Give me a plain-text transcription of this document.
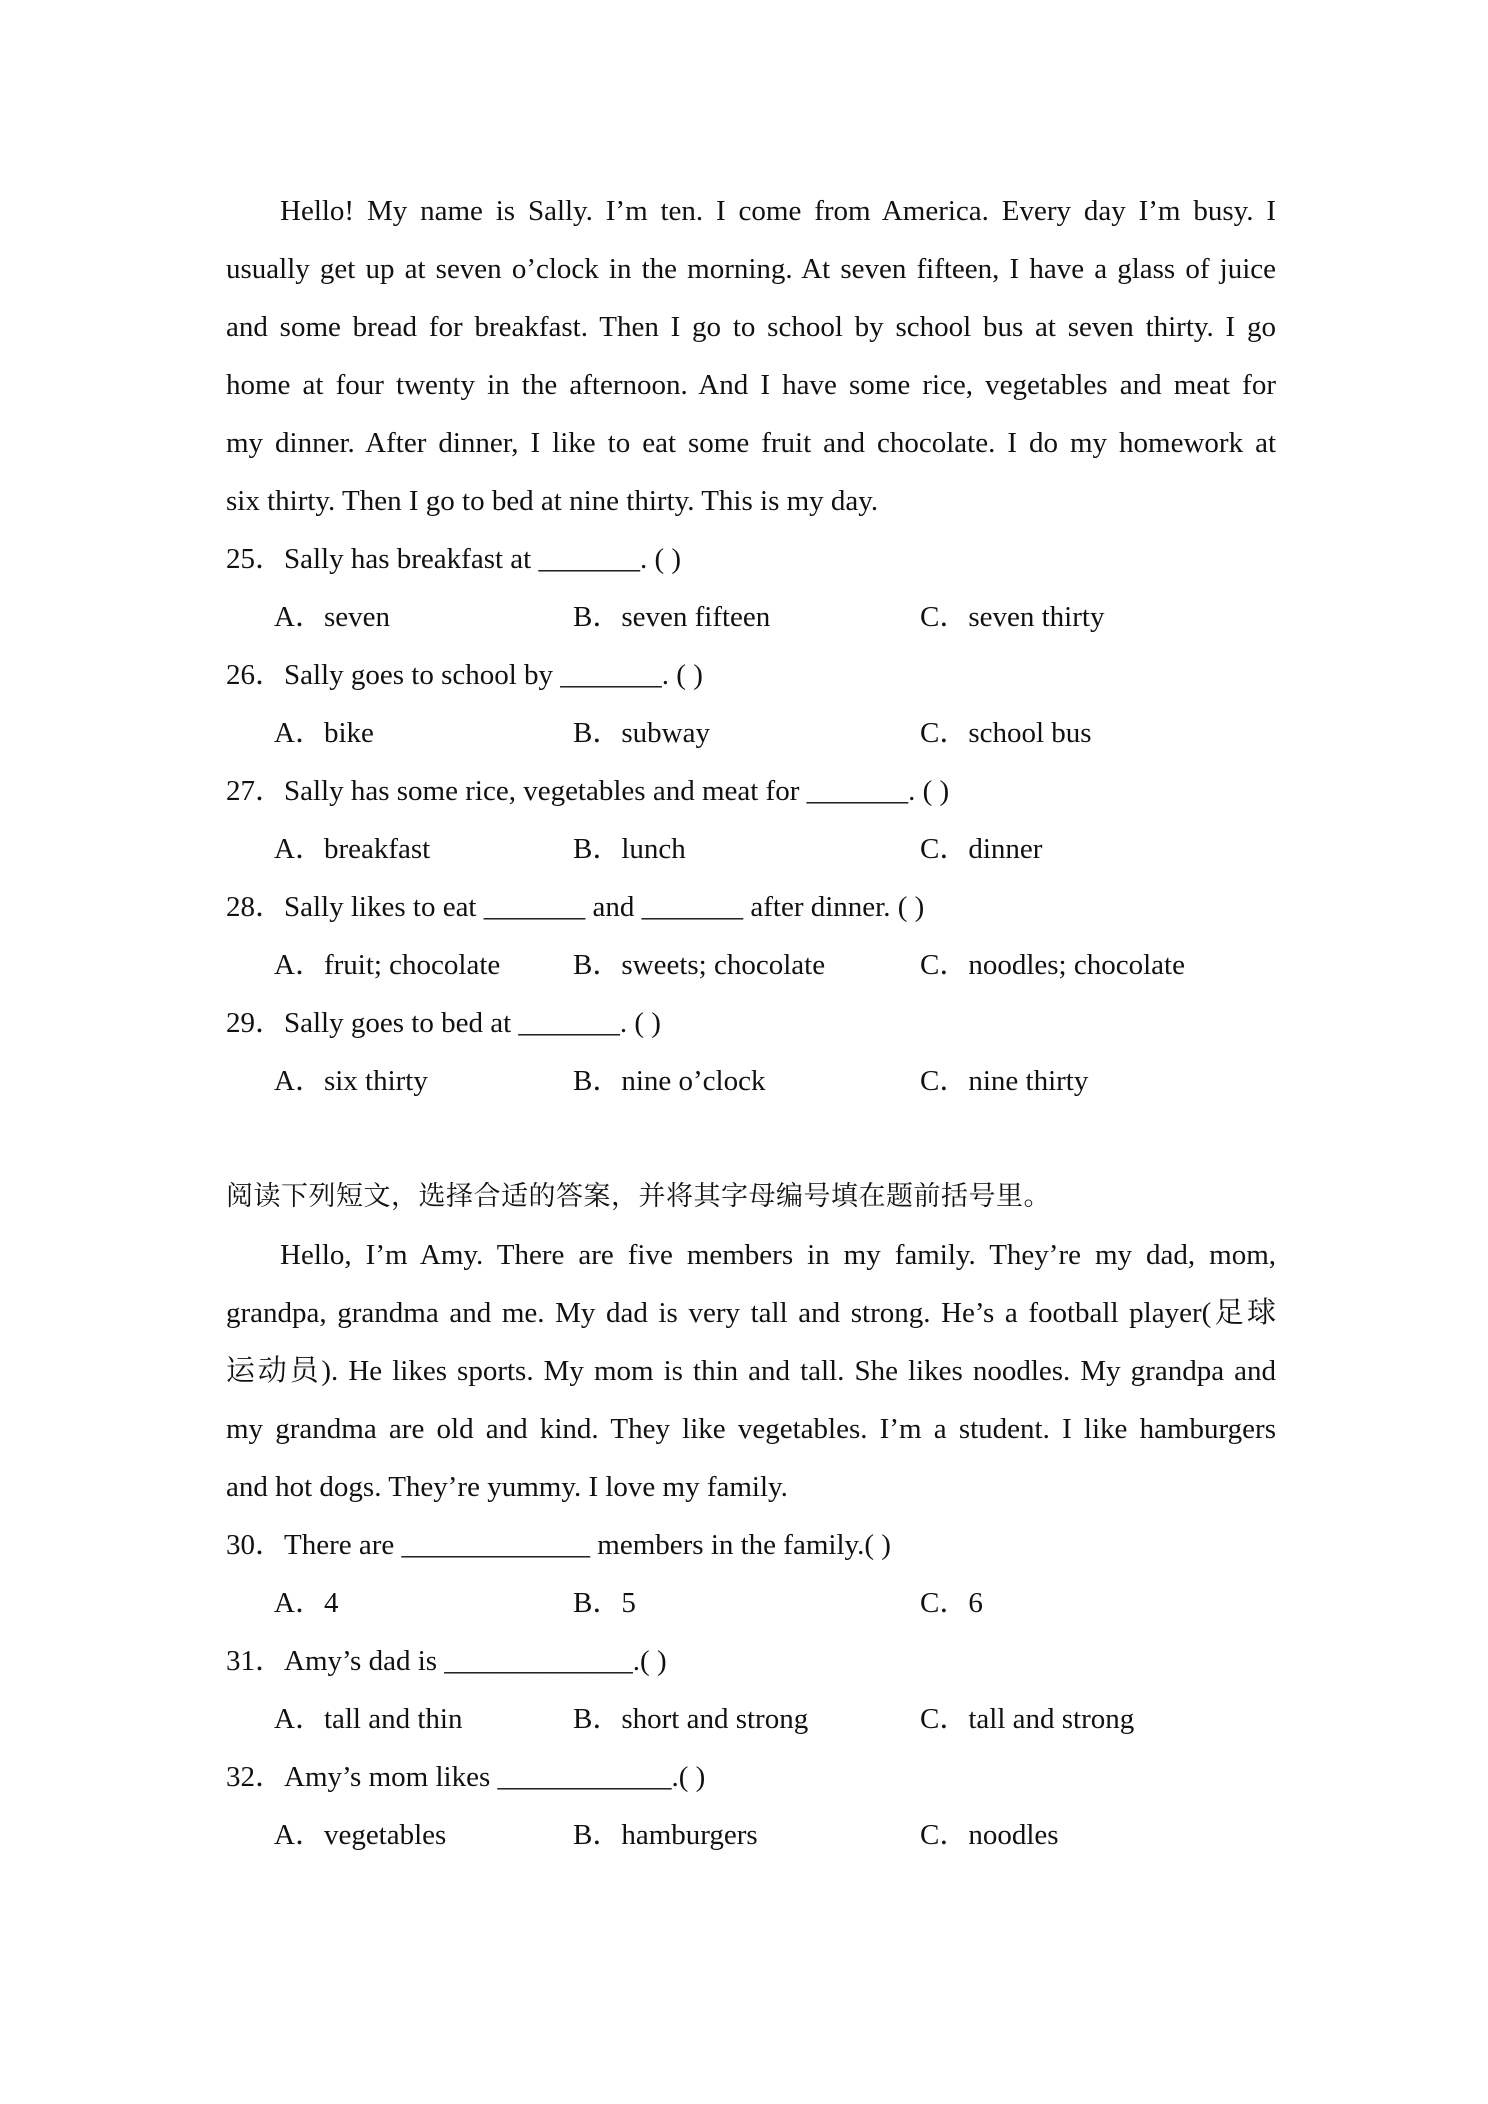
Hello! My name is Sally. I’m ten. I come from America. Every day I’m busy. I
usually get up at seven o’clock in the morning. At seven fifteen, I have a glass of juice
and some bread for breakfast. Then I go to school by school bus at seven thirty. I go
home at four twenty in the afternoon. And I have some rice, vegetables and meat for
my dinner. After dinner, I like to eat some fruit and chocolate. I do my homework at
six thirty. Then I go to bed at nine thirty. This is my day.
25．Sally has breakfast at _______. ( )
A．seven	B．seven fifteen	C．seven thirty
26．Sally goes to school by _______. ( )
A．bike	B．subway	C．school bus
27．Sally has some rice, vegetables and meat for _______. ( )
A．breakfast	B．lunch	C．dinner
28．Sally likes to eat _______ and _______ after dinner. ( )
A．fruit; chocolate	B．sweets; chocolate	C．noodles; chocolate
29．Sally goes to bed at _______. ( )
A．six thirty	B．nine o’clock	C．nine thirty
阅读下列短文，选择合适的答案，并将其字母编号填在题前括号里。
Hello, I’m Amy. There are five members in my family. They’re my dad, mom,
grandpa, grandma and me. My dad is very tall and strong. He’s a football player(足球
运动员). He likes sports. My mom is thin and tall. She likes noodles. My grandpa and
my grandma are old and kind. They like vegetables. I’m a student. I like hamburgers
and hot dogs. They’re yummy. I love my family.
30．There are _____________ members in the family.( )
A．4	B．5	C．6
31．Amy’s dad is _____________.( )
A．tall and thin	B．short and strong	C．tall and strong
32．Amy’s mom likes ____________.( )
A．vegetables	B．hamburgers	C．noodles
